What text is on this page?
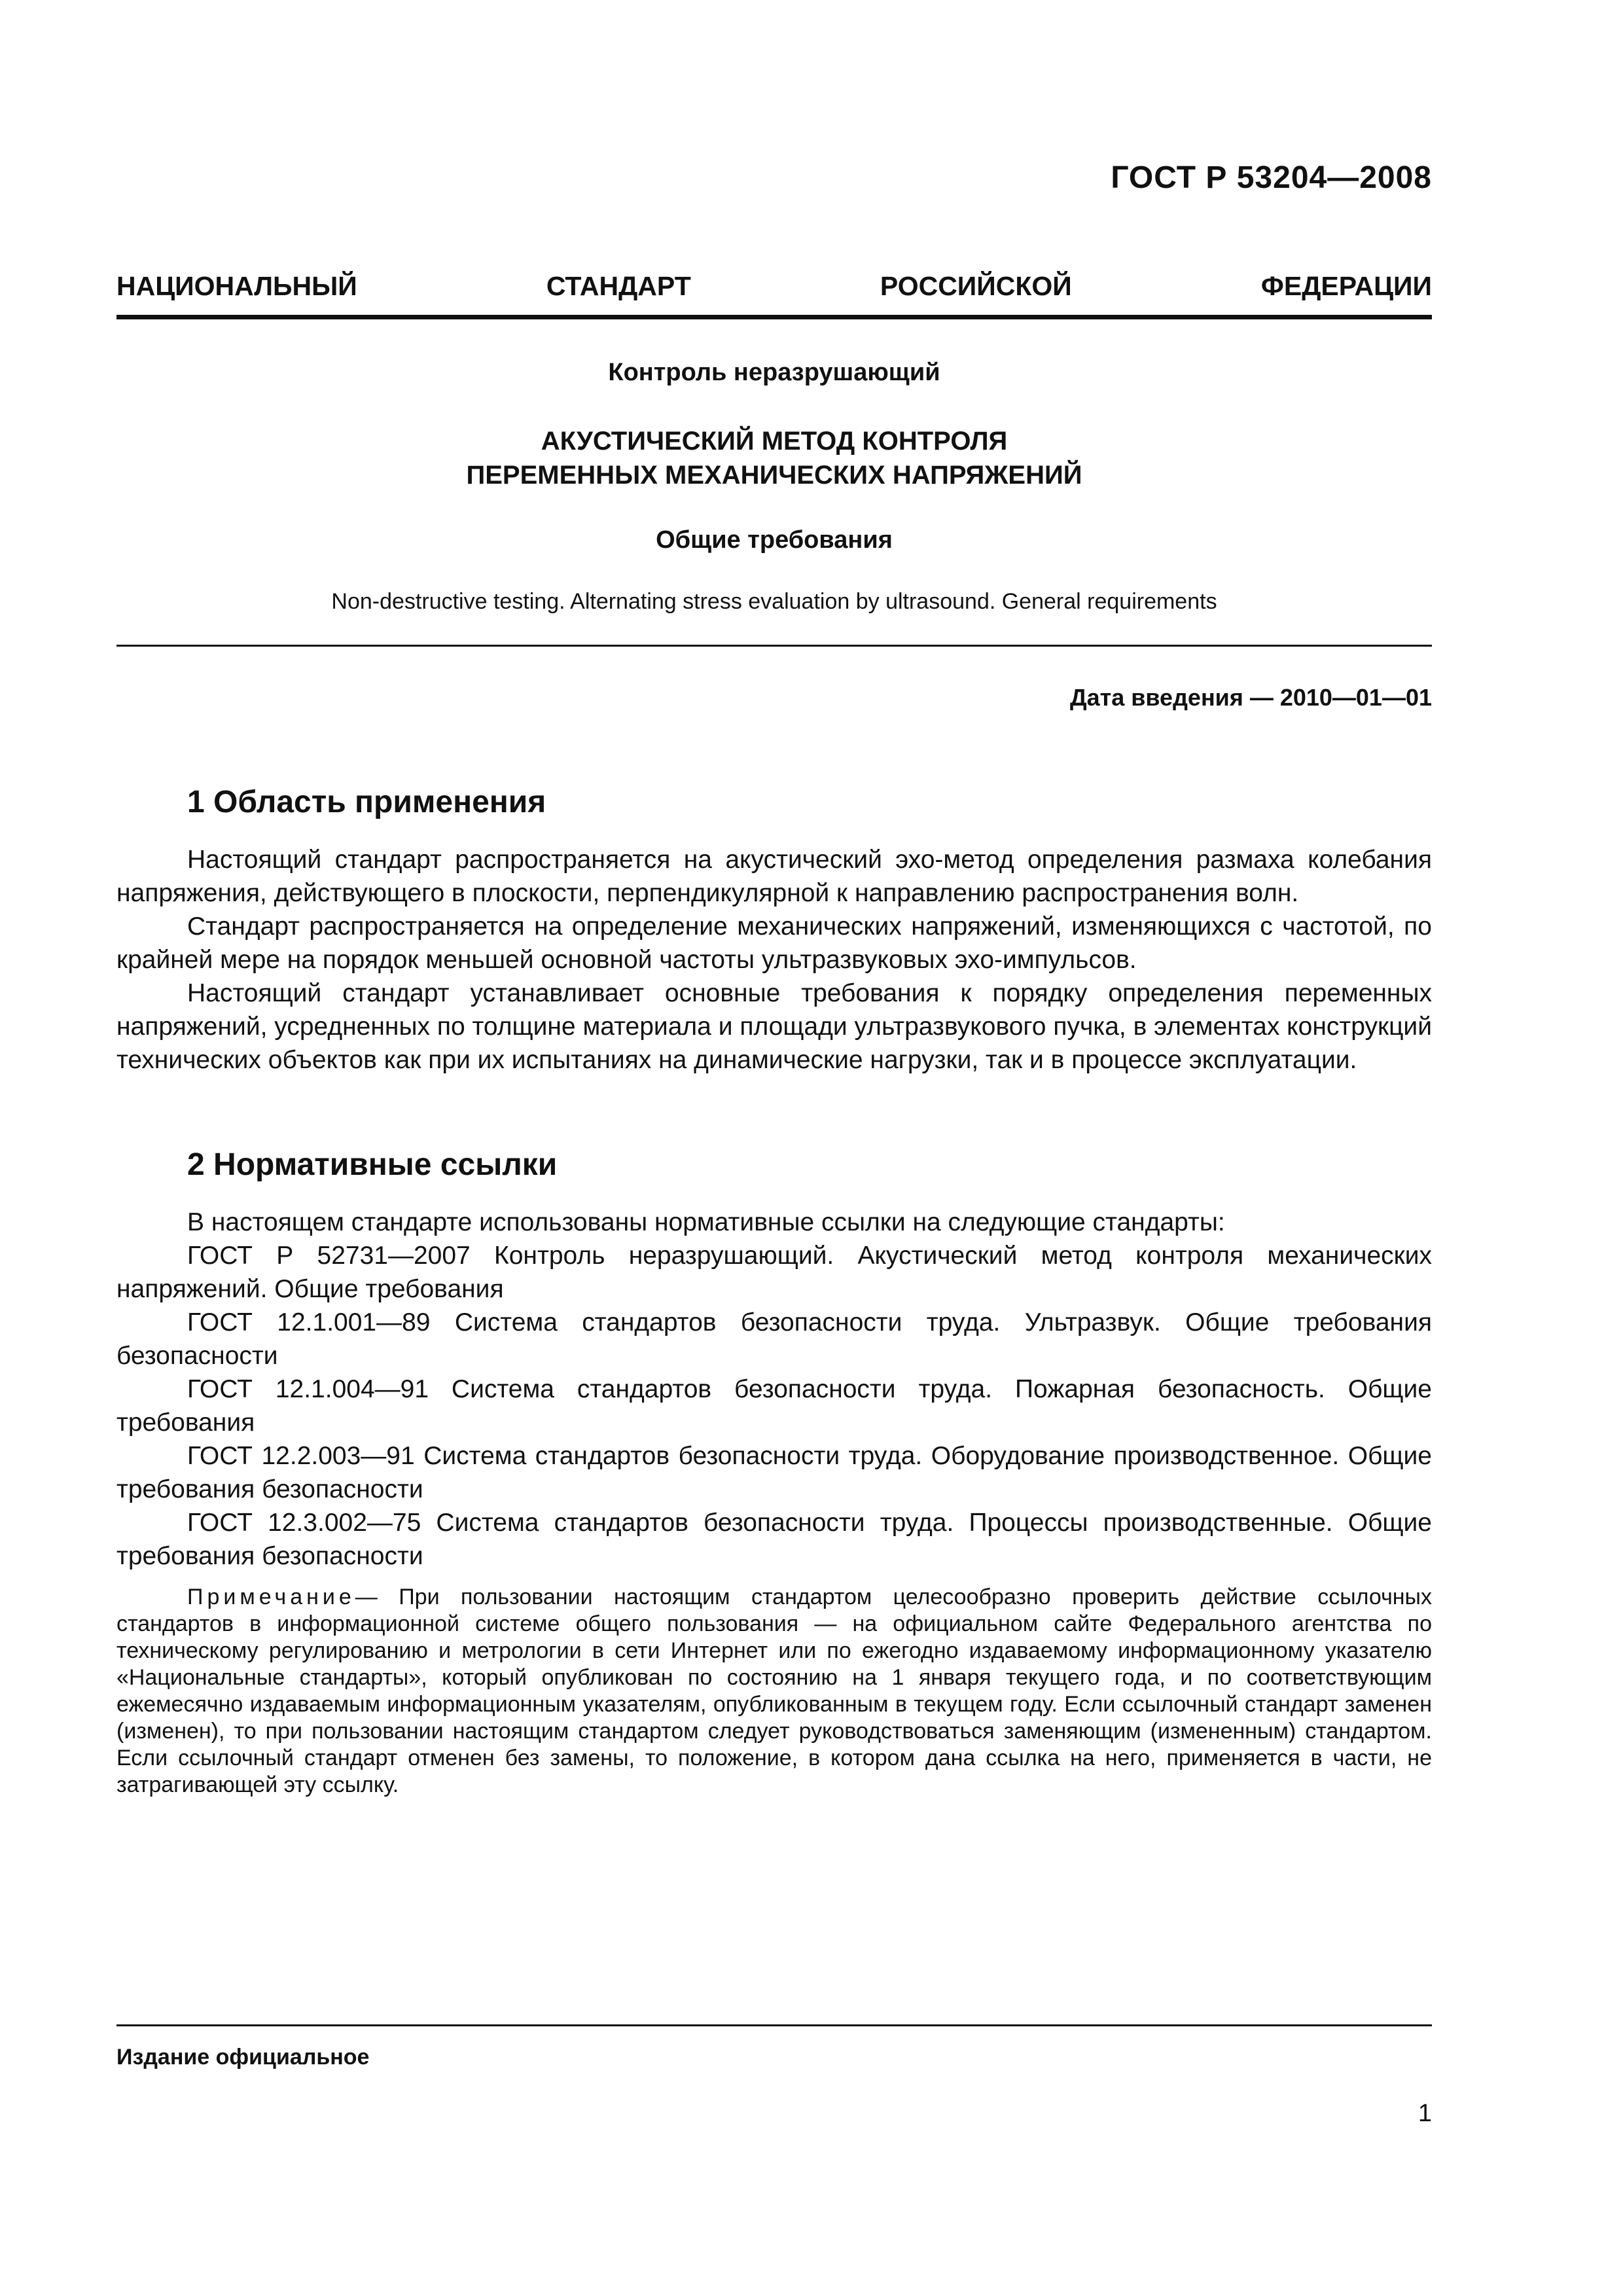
ГОСТ Р 53204—2008
НАЦИОНАЛЬНЫЙ СТАНДАРТ РОССИЙСКОЙ ФЕДЕРАЦИИ
Контроль неразрушающий
АКУСТИЧЕСКИЙ МЕТОД КОНТРОЛЯ
ПЕРЕМЕННЫХ МЕХАНИЧЕСКИХ НАПРЯЖЕНИЙ
Общие требования
Non-destructive testing. Alternating stress evaluation by ultrasound. General requirements
Дата введения — 2010—01—01
1 Область применения

Настоящий стандарт распространяется на акустический эхо-метод определения размаха колебания напряжения, действующего в плоскости, перпендикулярной к направлению распространения волн.

Стандарт распространяется на определение механических напряжений, изменяющихся с частотой, по крайней мере на порядок меньшей основной частоты ультразвуковых эхо-импульсов.

Настоящий стандарт устанавливает основные требования к порядку определения переменных напряжений, усредненных по толщине материала и площади ультразвукового пучка, в элементах конструкций технических объектов как при их испытаниях на динамические нагрузки, так и в процессе эксплуатации.

2 Нормативные ссылки

В настоящем стандарте использованы нормативные ссылки на следующие стандарты:

ГОСТ Р 52731—2007 Контроль неразрушающий. Акустический метод контроля механических напряжений. Общие требования

ГОСТ 12.1.001—89 Система стандартов безопасности труда. Ультразвук. Общие требования безопасности

ГОСТ 12.1.004—91 Система стандартов безопасности труда. Пожарная безопасность. Общие требования

ГОСТ 12.2.003—91 Система стандартов безопасности труда. Оборудование производственное. Общие требования безопасности

ГОСТ 12.3.002—75 Система стандартов безопасности труда. Процессы производственные. Общие требования безопасности

Примечание— При пользовании настоящим стандартом целесообразно проверить действие ссылочных стандартов в информационной системе общего пользования — на официальном сайте Федерального агентства по техническому регулированию и метрологии в сети Интернет или по ежегодно издаваемому информационному указателю «Национальные стандарты», который опубликован по состоянию на 1 января текущего года, и по соответствующим ежемесячно издаваемым информационным указателям, опубликованным в текущем году. Если ссылочный стандарт заменен (изменен), то при пользовании настоящим стандартом следует руководствоваться заменяющим (измененным) стандартом. Если ссылочный стандарт отменен без замены, то положение, в котором дана ссылка на него, применяется в части, не затрагивающей эту ссылку.
Издание официальное
1
